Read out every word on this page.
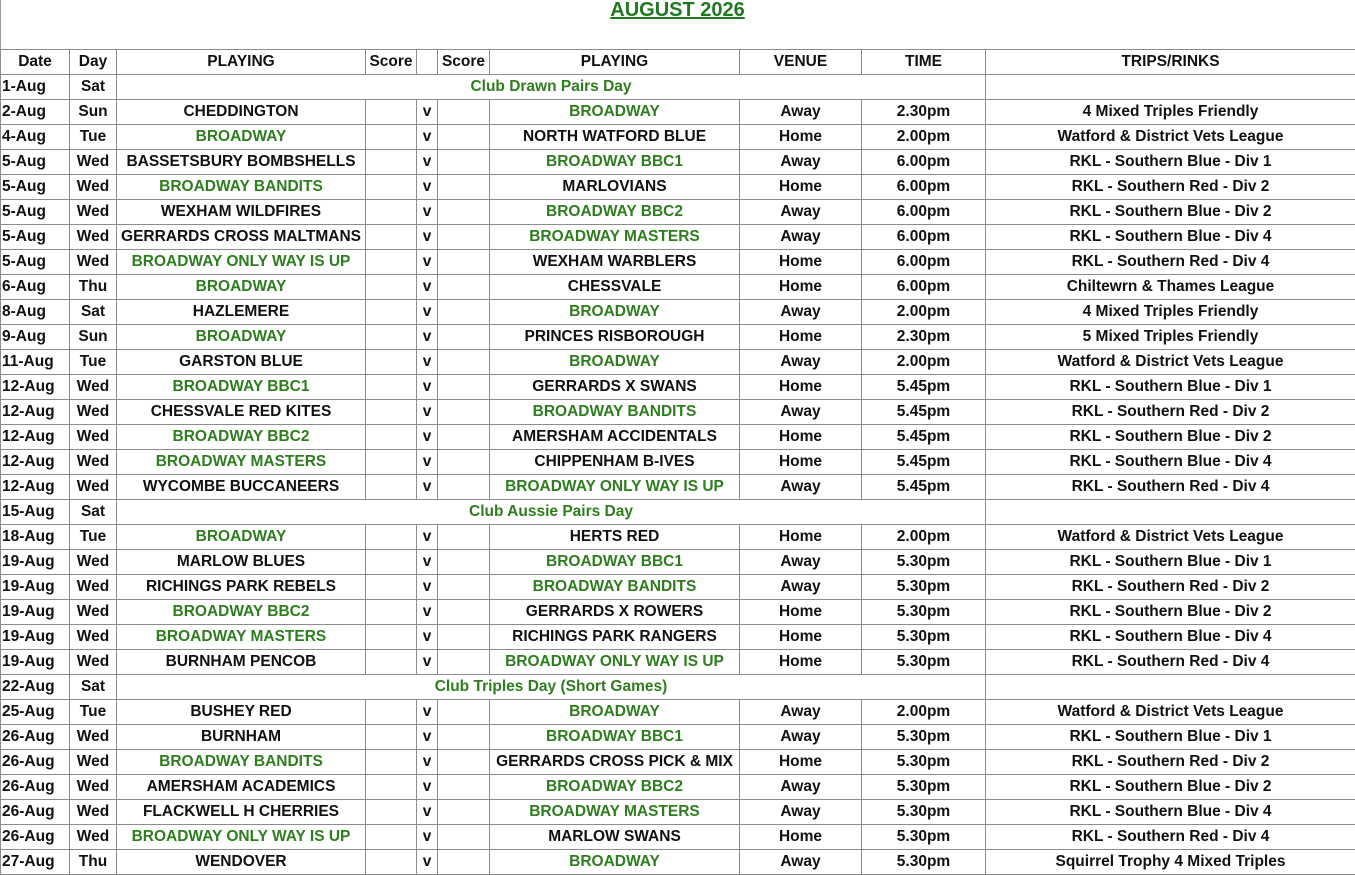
AUGUST 2026
Date	Day	PLAYING	Score		Score	PLAYING	VENUE	TIME	TRIPS/RINKS
1-Aug	Sat	Club Drawn Pairs Day							
2-Aug	Sun	CHEDDINGTON		v		BROADWAY	Away	2.30pm	4 Mixed Triples Friendly
4-Aug	Tue	BROADWAY		v		NORTH WATFORD BLUE	Home	2.00pm	Watford & District Vets League
5-Aug	Wed	BASSETSBURY BOMBSHELLS		v		BROADWAY BBC1	Away	6.00pm	RKL - Southern Blue - Div 1
5-Aug	Wed	BROADWAY BANDITS		v		MARLOVIANS	Home	6.00pm	RKL - Southern Red - Div 2
5-Aug	Wed	WEXHAM WILDFIRES		v		BROADWAY BBC2	Away	6.00pm	RKL - Southern Blue - Div 2
5-Aug	Wed	GERRARDS CROSS MALTMANS		v		BROADWAY MASTERS	Away	6.00pm	RKL - Southern Blue - Div 4
5-Aug	Wed	BROADWAY ONLY WAY IS UP		v		WEXHAM WARBLERS	Home	6.00pm	RKL - Southern Red - Div 4
6-Aug	Thu	BROADWAY		v		CHESSVALE	Home	6.00pm	Chiltewrn & Thames League
8-Aug	Sat	HAZLEMERE		v		BROADWAY	Away	2.00pm	4 Mixed Triples Friendly
9-Aug	Sun	BROADWAY		v		PRINCES RISBOROUGH	Home	2.30pm	5 Mixed Triples Friendly
11-Aug	Tue	GARSTON BLUE		v		BROADWAY	Away	2.00pm	Watford & District Vets League
12-Aug	Wed	BROADWAY BBC1		v		GERRARDS X SWANS	Home	5.45pm	RKL - Southern Blue - Div 1
12-Aug	Wed	CHESSVALE RED KITES		v		BROADWAY BANDITS	Away	5.45pm	RKL - Southern Red - Div 2
12-Aug	Wed	BROADWAY BBC2		v		AMERSHAM ACCIDENTALS	Home	5.45pm	RKL - Southern Blue - Div 2
12-Aug	Wed	BROADWAY MASTERS		v		CHIPPENHAM B-IVES	Home	5.45pm	RKL - Southern Blue - Div 4
12-Aug	Wed	WYCOMBE BUCCANEERS		v		BROADWAY ONLY WAY IS UP	Away	5.45pm	RKL - Southern Red - Div 4
15-Aug	Sat	Club Aussie Pairs Day							
18-Aug	Tue	BROADWAY		v		HERTS RED	Home	2.00pm	Watford & District Vets League
19-Aug	Wed	MARLOW BLUES		v		BROADWAY BBC1	Away	5.30pm	RKL - Southern Blue - Div 1
19-Aug	Wed	RICHINGS PARK REBELS		v		BROADWAY BANDITS	Away	5.30pm	RKL - Southern Red - Div 2
19-Aug	Wed	BROADWAY BBC2		v		GERRARDS X ROWERS	Home	5.30pm	RKL - Southern Blue - Div 2
19-Aug	Wed	BROADWAY MASTERS		v		RICHINGS PARK RANGERS	Home	5.30pm	RKL - Southern Blue - Div 4
19-Aug	Wed	BURNHAM PENCOB		v		BROADWAY ONLY WAY IS UP	Home	5.30pm	RKL - Southern Red - Div 4
22-Aug	Sat	Club Triples Day (Short Games)							
25-Aug	Tue	BUSHEY RED		v		BROADWAY	Away	2.00pm	Watford & District Vets League
26-Aug	Wed	BURNHAM		v		BROADWAY BBC1	Away	5.30pm	RKL - Southern Blue - Div 1
26-Aug	Wed	BROADWAY BANDITS		v		GERRARDS CROSS PICK & MIX	Home	5.30pm	RKL - Southern Red - Div 2
26-Aug	Wed	AMERSHAM ACADEMICS		v		BROADWAY BBC2	Away	5.30pm	RKL - Southern Blue - Div 2
26-Aug	Wed	FLACKWELL H CHERRIES		v		BROADWAY MASTERS	Away	5.30pm	RKL - Southern Blue - Div 4
26-Aug	Wed	BROADWAY ONLY WAY IS UP		v		MARLOW SWANS	Home	5.30pm	RKL - Southern Red - Div 4
27-Aug	Thu	WENDOVER		v		BROADWAY	Away	5.30pm	Squirrel Trophy 4 Mixed Triples
